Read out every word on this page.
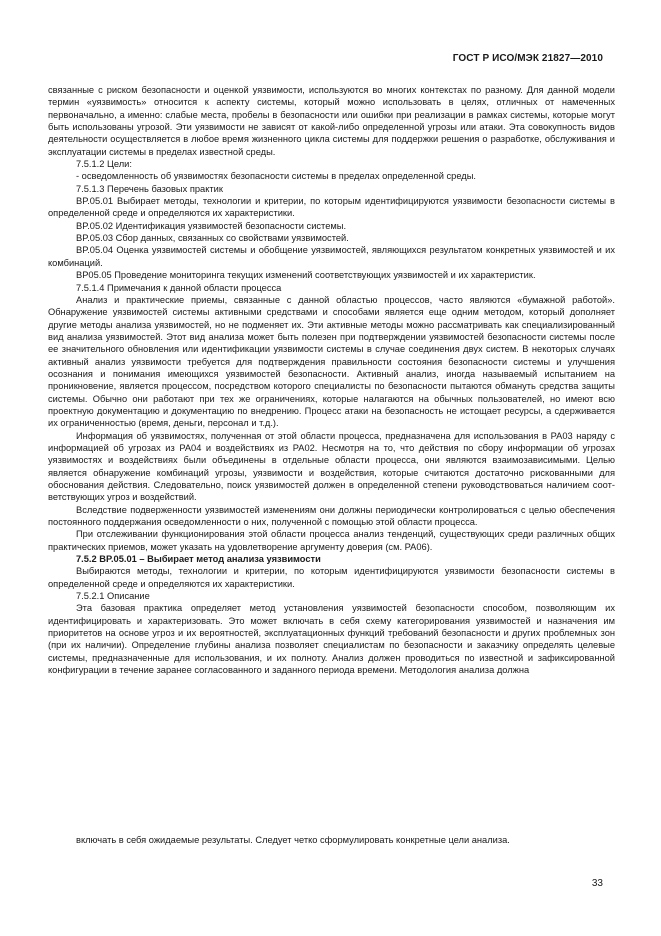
ГОСТ Р ИСО/МЭК 21827—2010

связанные с риском безопасности и оценкой уязвимости, используются во многих контекстах по разному. Для данной модели термин «уязвимость» относится к аспекту системы, который можно использовать в целях, отличных от намеченных первоначально, а именно: слабые места, пробелы в безопасности или ошибки при реализации в рамках системы, которые могут быть использованы угрозой. Эти уязвимости не зависят от какой-либо определенной угрозы или атаки. Эта совокупность видов деятельности осуществляется в любое время жизненного цикла системы для поддержки решения о разработке, обслуживания и эксплуатации системы в пределах известной среды.

7.5.1.2 Цели:

- осведомленность об уязвимостях безопасности системы в пределах определенной среды.

7.5.1.3 Перечень базовых практик

BP.05.01 Выбирает методы, технологии и критерии, по которым идентифицируются уязвимости безопасности системы в определенной среде и определяются их характеристики.

BP.05.02 Идентификация уязвимостей безопасности системы.

BP.05.03 Сбор данных, связанных со свойствами уязвимостей.

BP.05.04 Оценка уязвимостей системы и обобщение уязвимостей, являющихся результатом конкретных уязвимостей и их комбинаций.

BP05.05 Проведение мониторинга текущих изменений соответствующих уязвимостей и их характеристик.

7.5.1.4 Примечания к данной области процесса

Анализ и практические приемы, связанные с данной областью процессов, часто являются «бумажной работой». Обнаружение уязвимостей системы активными средствами и способами является еще одним методом, который дополняет другие методы анализа уязвимостей, но не подменяет их. Эти активные методы можно рассматривать как специализированный вид анализа уязвимостей. Этот вид анализа может быть полезен при подтверждении уязвимостей безопасности системы после ее значительного обновления или идентификации уязвимости системы в случае соединения двух систем. В некоторых случаях активный анализ уязвимости требуется для подтверждения правильности состояния безопасности системы и улучшения осознания и понимания имеющихся уязвимостей безопасности. Активный анализ, иногда называемый испытанием на проникновение, является процессом, посредством которого специалисты по безопасности пытаются обмануть средства защиты системы. Обычно они работают при тех же ограничениях, которые налагаются на обычных пользователей, но имеют всю проектную документацию и документацию по внедрению. Процесс атаки на безопасность не истощает ресурсы, а сдерживается их ограниченностью (время, деньги, персонал и т.д.).

Информация об уязвимостях, полученная от этой области процесса, предназначена для использования в PA03 наряду с информацией об угрозах из PA04 и воздействиях из PA02. Несмотря на то, что действия по сбору информации об угрозах уязвимостях и воздействиях были объединены в отдельные области процесса, они являются взаимозависимыми. Целью является обнаружение комбинаций угрозы, уязвимости и воздействия, которые считаются достаточно рискованными для обоснования действия. Следовательно, поиск уязвимостей должен в определенной степени руководствоваться наличием соответствующих угроз и воздействий.

Вследствие подверженности уязвимостей изменениям они должны периодически контролироваться с целью обеспечения постоянного поддержания осведомленности о них, полученной с помощью этой области процесса.

При отслеживании функционирования этой области процесса анализ тенденций, существующих среди различных общих практических приемов, может указать на удовлетворение аргументу доверия (см. PA06).

7.5.2 BP.05.01 – Выбирает метод анализа уязвимости

Выбираются методы, технологии и критерии, по которым идентифицируются уязвимости безопасности системы в определенной среде и определяются их характеристики.

7.5.2.1 Описание

Эта базовая практика определяет метод установления уязвимостей безопасности способом, позволяющим их идентифицировать и характеризовать. Это может включать в себя схему категорирования уязвимостей и назначения им приоритетов на основе угроз и их вероятностей, эксплуатационных функций требований безопасности и других проблемных зон (при их наличии). Определение глубины анализа позволяет специалистам по безопасности и заказчику определять целевые системы, предназначенные для использования, и их полноту. Анализ должен проводиться по известной и зафиксированной конфигурации в течение заранее согласованного и заданного периода времени. Методология анализа должна

включать в себя ожидаемые результаты. Следует четко сформулировать конкретные цели анализа.

33
